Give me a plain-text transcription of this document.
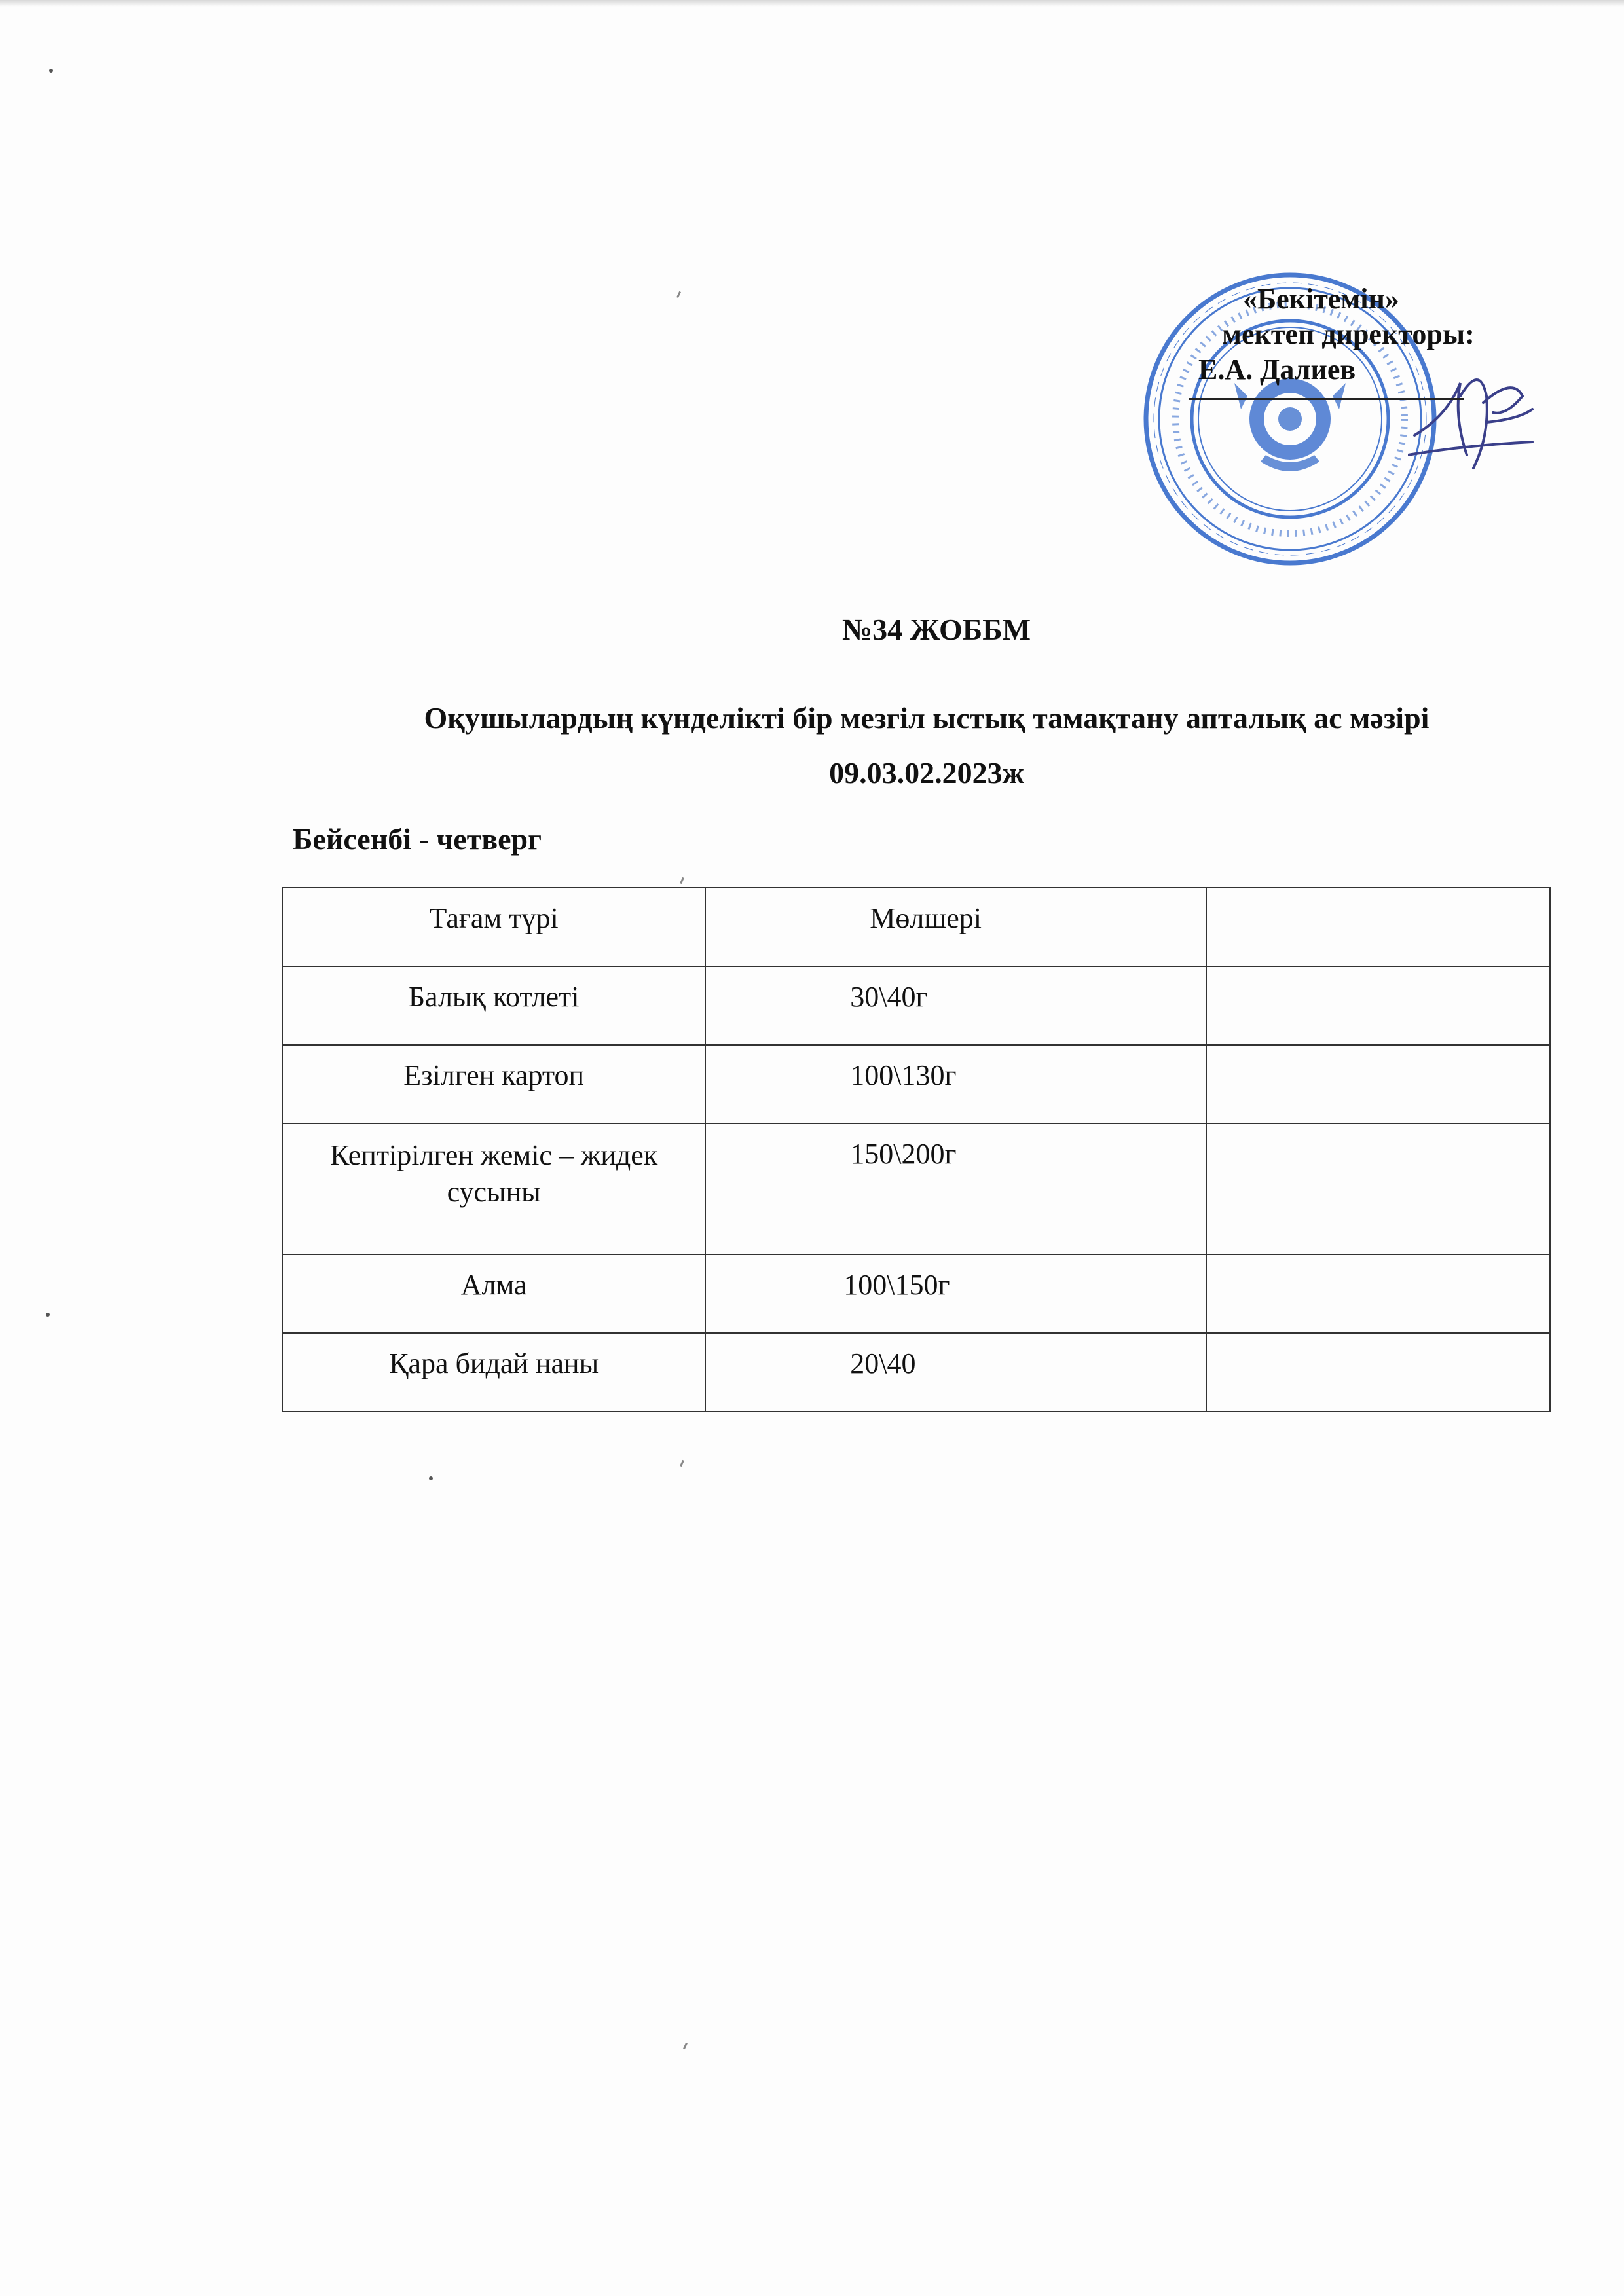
«Бекітемін»
мектеп директоры:
Е.А. Далиев
№34 ЖОББМ
Оқушылардың күнделікті бір мезгіл ыстық тамақтану апталық ас мәзірі
09.03.02.2023ж
Бейсенбі - четверг
Тағам түрі	Мөлшері	
Балық котлеті	30\40г	
Езілген картоп	100\130г	

Кептірілген жеміс – жидек сусыны	150\200г	
Алма	100\150г	
Қара бидай наны	20\40	
